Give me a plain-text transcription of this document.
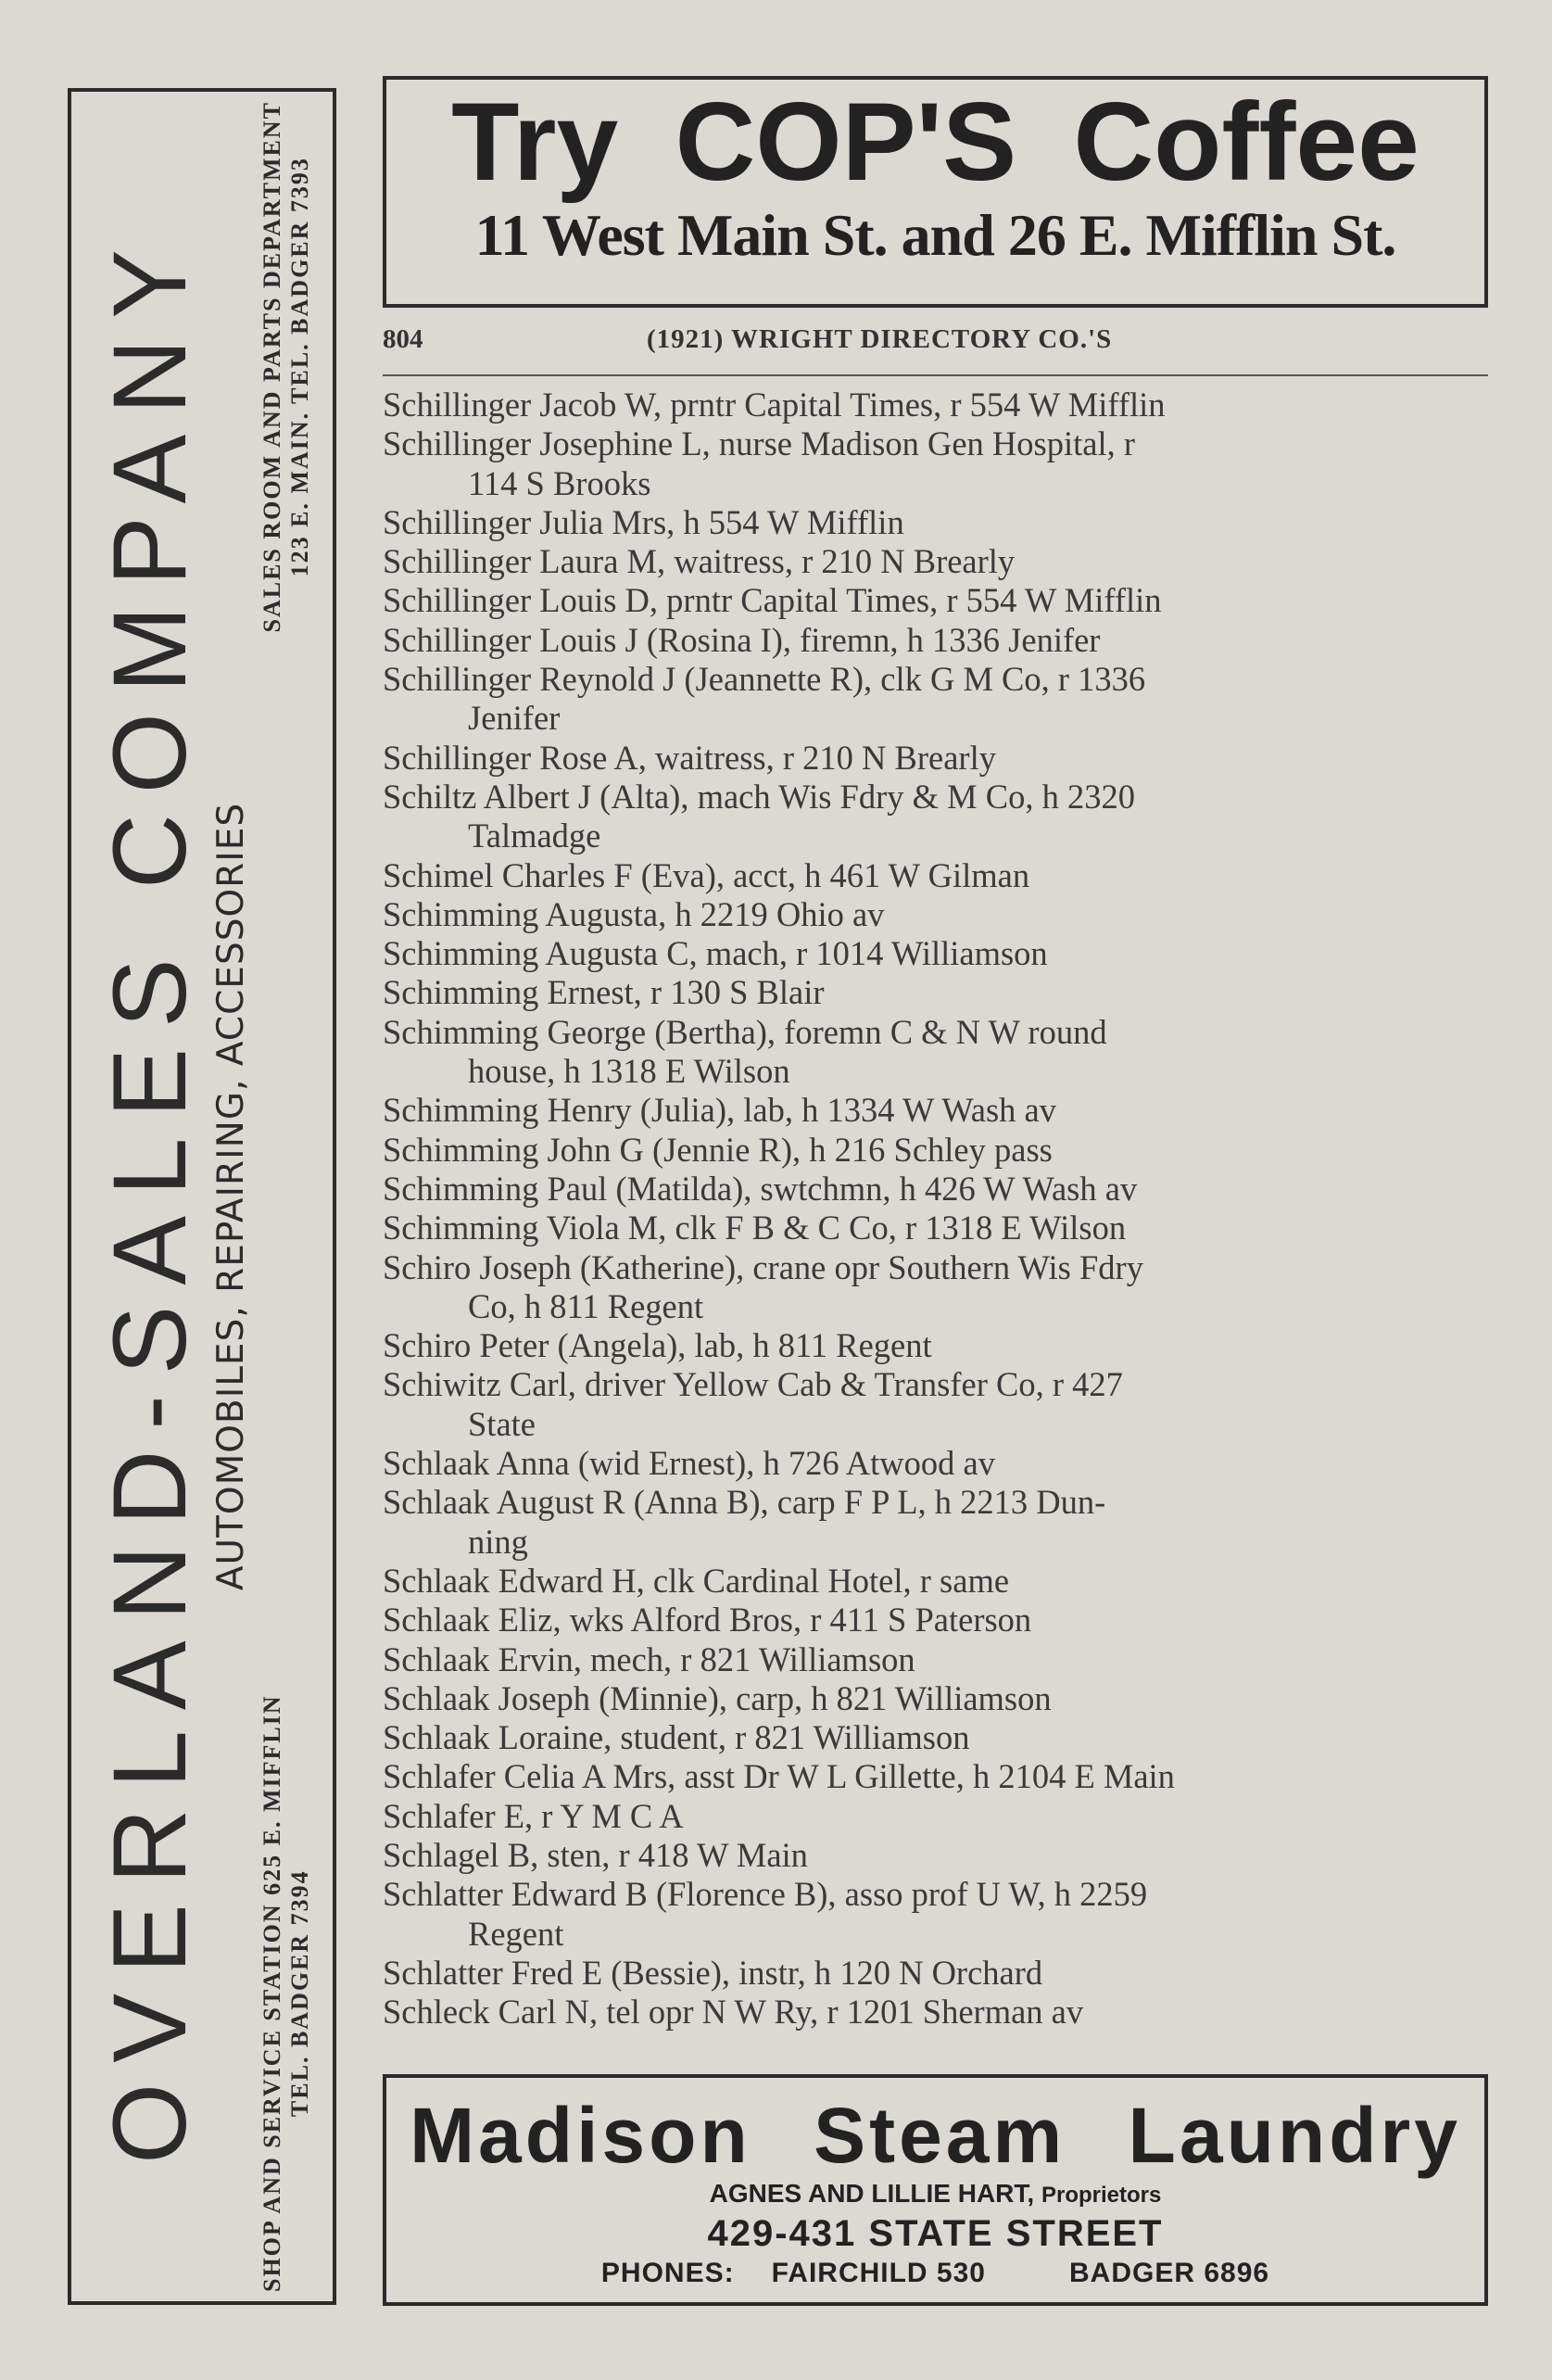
OVERLAND-SALES COMPANY AUTOMOBILES, REPAIRING, ACCESSORIES
SHOP AND SERVICE STATION 625 E. MIFFLIN TEL. BADGER 7394
SALES ROOM AND PARTS DEPARTMENT 123 E. MAIN. TEL. BADGER 7393
Try COP'S Coffee
11 West Main St. and 26 E. Mifflin St.
804	(1921) WRIGHT DIRECTORY CO.'S
Schillinger Jacob W, prntr Capital Times, r 554 W Mifflin
Schillinger Josephine L, nurse Madison Gen Hospital, r
114 S Brooks
Schillinger Julia Mrs, h 554 W Mifflin
Schillinger Laura M, waitress, r 210 N Brearly
Schillinger Louis D, prntr Capital Times, r 554 W Mifflin
Schillinger Louis J (Rosina I), firemn, h 1336 Jenifer
Schillinger Reynold J (Jeannette R), clk G M Co, r 1336
Jenifer
Schillinger Rose A, waitress, r 210 N Brearly
Schiltz Albert J (Alta), mach Wis Fdry & M Co, h 2320
Talmadge
Schimel Charles F (Eva), acct, h 461 W Gilman
Schimming Augusta, h 2219 Ohio av
Schimming Augusta C, mach, r 1014 Williamson
Schimming Ernest, r 130 S Blair
Schimming George (Bertha), foremn C & N W round
house, h 1318 E Wilson
Schimming Henry (Julia), lab, h 1334 W Wash av
Schimming John G (Jennie R), h 216 Schley pass
Schimming Paul (Matilda), swtchmn, h 426 W Wash av
Schimming Viola M, clk F B & C Co, r 1318 E Wilson
Schiro Joseph (Katherine), crane opr Southern Wis Fdry
Co, h 811 Regent
Schiro Peter (Angela), lab, h 811 Regent
Schiwitz Carl, driver Yellow Cab & Transfer Co, r 427
State
Schlaak Anna (wid Ernest), h 726 Atwood av
Schlaak August R (Anna B), carp F P L, h 2213 Dun-
ning
Schlaak Edward H, clk Cardinal Hotel, r same
Schlaak Eliz, wks Alford Bros, r 411 S Paterson
Schlaak Ervin, mech, r 821 Williamson
Schlaak Joseph (Minnie), carp, h 821 Williamson
Schlaak Loraine, student, r 821 Williamson
Schlafer Celia A Mrs, asst Dr W L Gillette, h 2104 E Main
Schlafer E, r Y M C A
Schlagel B, sten, r 418 W Main
Schlatter Edward B (Florence B), asso prof U W, h 2259
Regent
Schlatter Fred E (Bessie), instr, h 120 N Orchard
Schleck Carl N, tel opr N W Ry, r 1201 Sherman av
Madison Steam Laundry
AGNES AND LILLIE HART, Proprietors
429-431 STATE STREET
PHONES: FAIRCHILD 530	BADGER 6896
